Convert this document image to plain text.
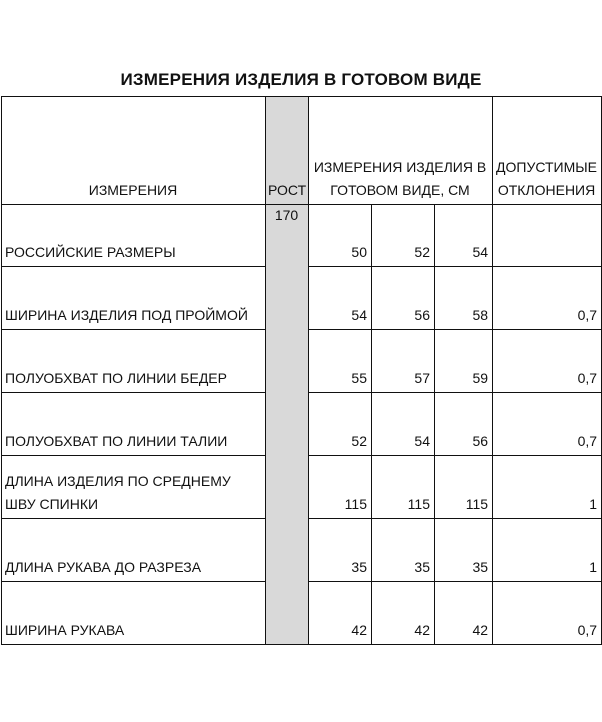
ИЗМЕРЕНИЯ ИЗДЕЛИЯ В ГОТОВОМ ВИДЕ
ИЗМЕРЕНИЯ	РОСТ	ИЗМЕРЕНИЯ ИЗДЕЛИЯ В ГОТОВОМ ВИДЕ, СМ			ДОПУСТИМЫЕ ОТКЛОНЕНИЯ
РОССИЙСКИЕ РАЗМЕРЫ	170	50	52	54	
ШИРИНА ИЗДЕЛИЯ ПОД ПРОЙМОЙ		54	56	58	0,7
ПОЛУОБХВАТ ПО ЛИНИИ БЕДЕР		55	57	59	0,7
ПОЛУОБХВАТ ПО ЛИНИИ ТАЛИИ		52	54	56	0,7
ДЛИНА ИЗДЕЛИЯ ПО СРЕДНЕМУ ШВУ СПИНКИ		115	115	115	1
ДЛИНА РУКАВА ДО РАЗРЕЗА		35	35	35	1
ШИРИНА РУКАВА		42	42	42	0,7
